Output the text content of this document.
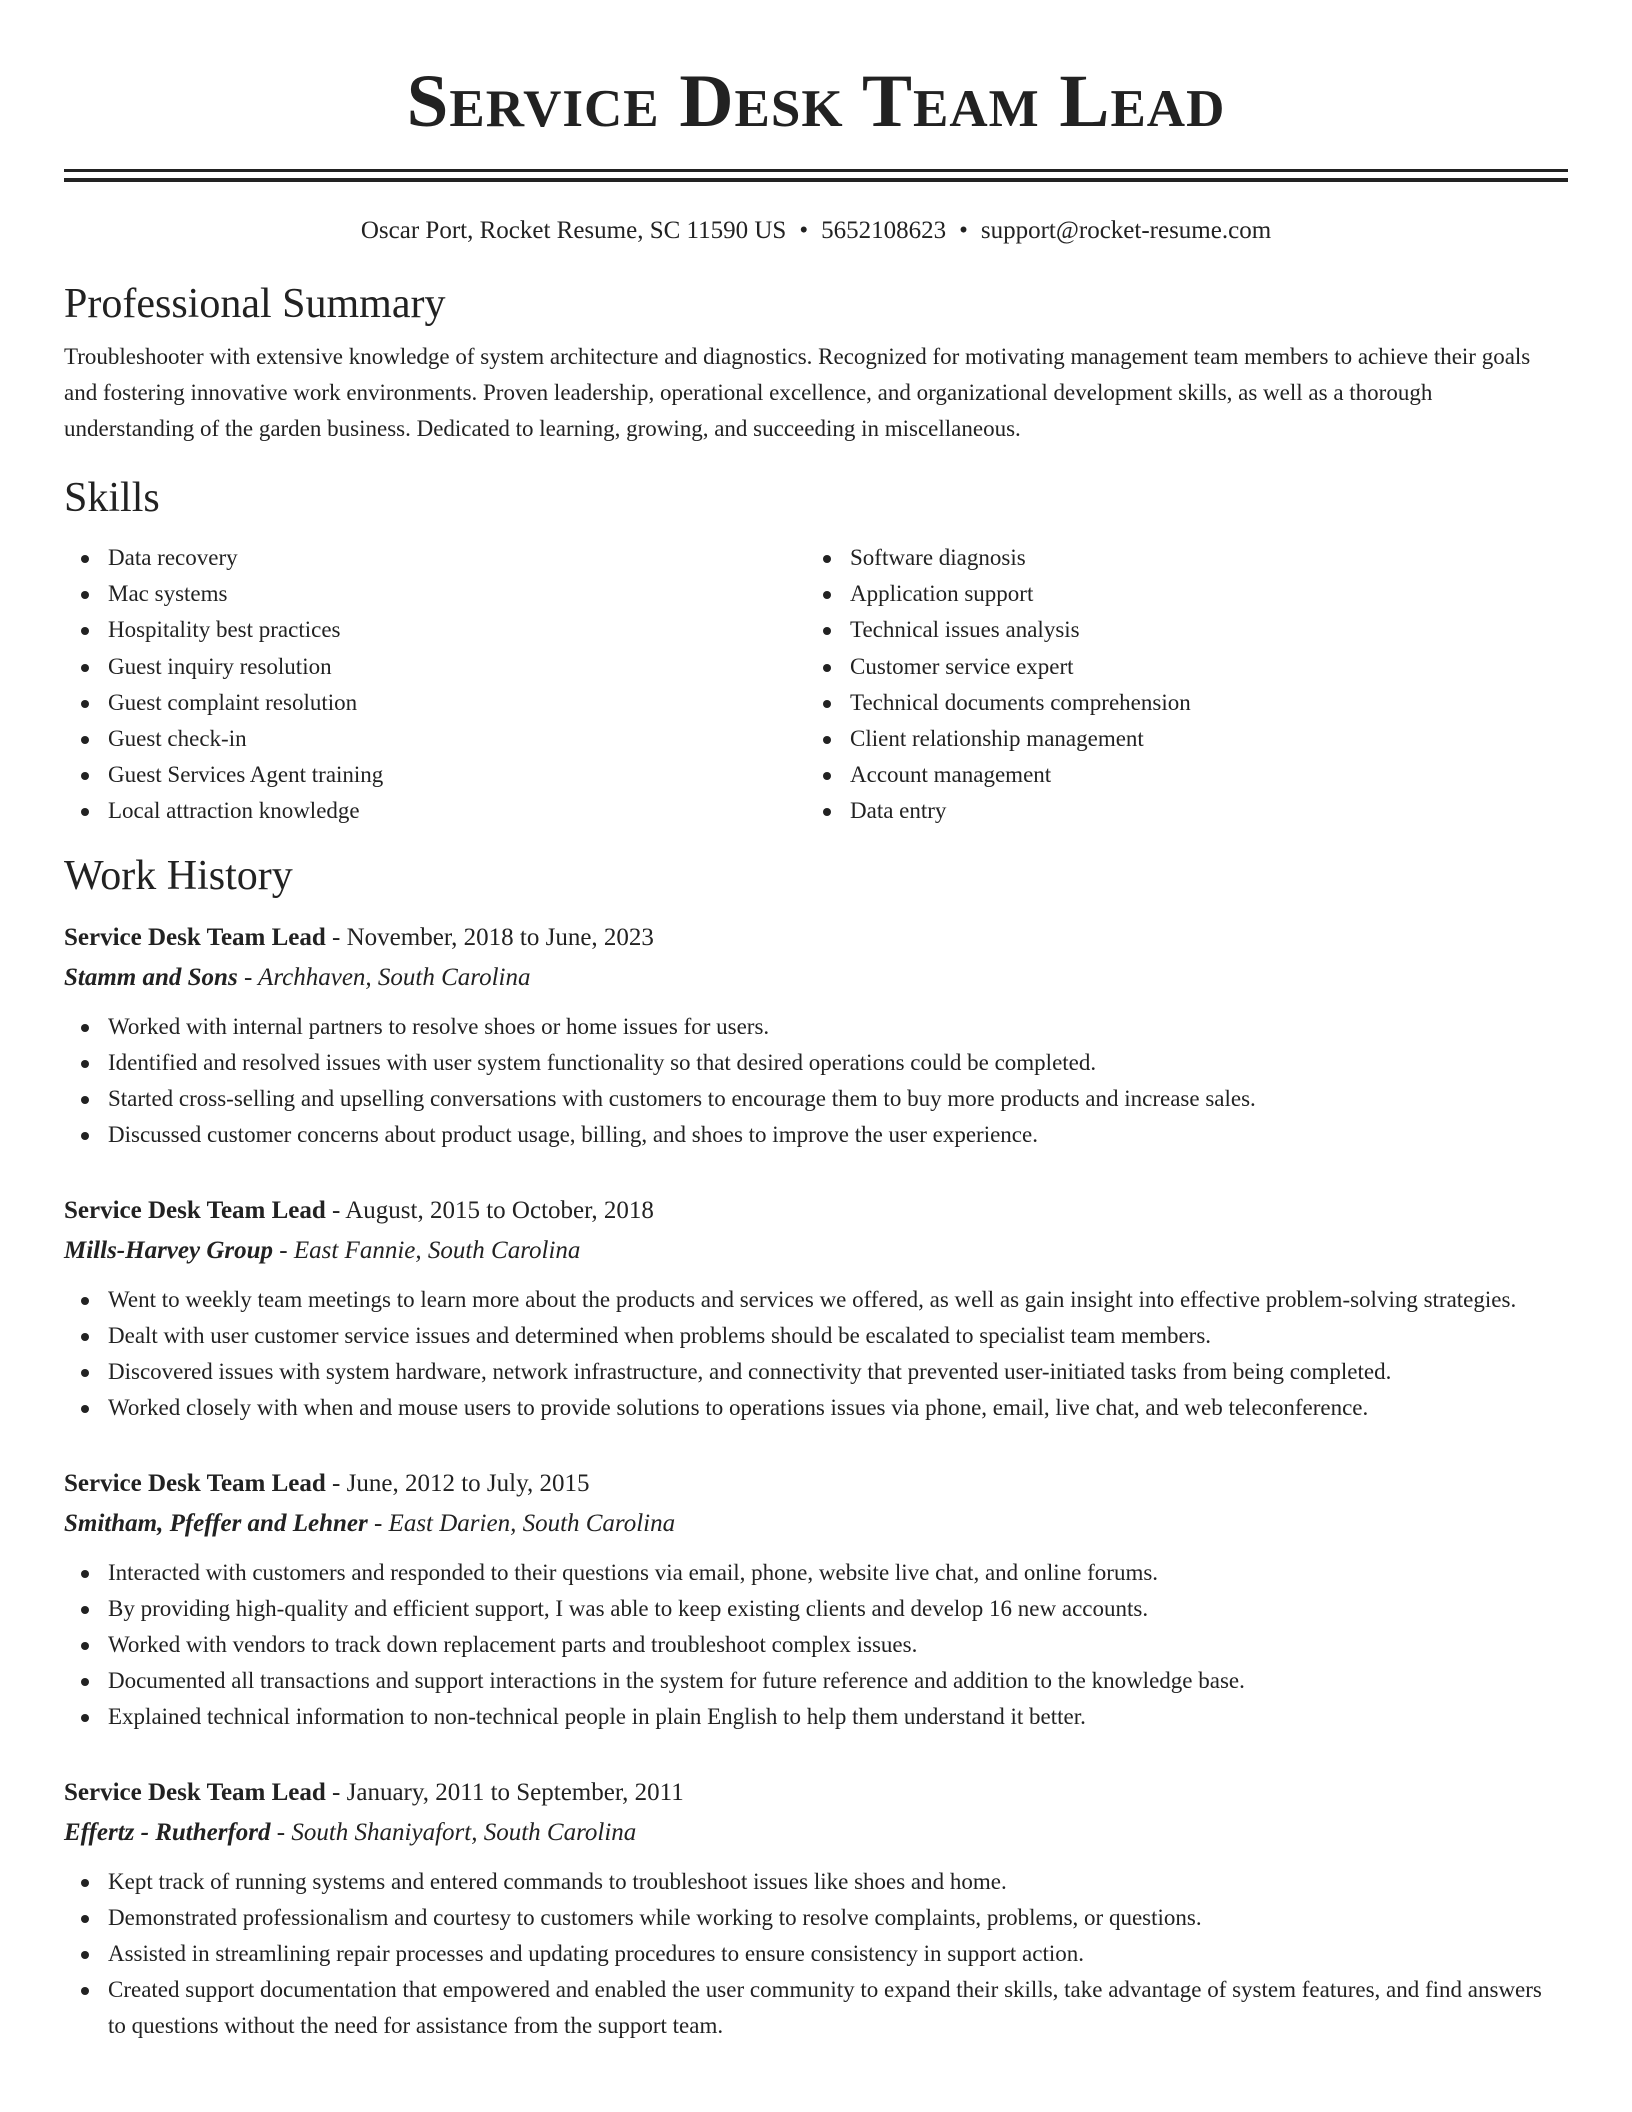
Service Desk Team Lead
Oscar Port, Rocket Resume, SC 11590 US • 5652108623 • support@rocket-resume.com
Professional Summary

Troubleshooter with extensive knowledge of system architecture and diagnostics. Recognized for motivating management team members to achieve their goals and fostering innovative work environments. Proven leadership, operational excellence, and organizational development skills, as well as a thorough understanding of the garden business. Dedicated to learning, growing, and succeeding in miscellaneous.

Skills
Data recovery
Mac systems
Hospitality best practices
Guest inquiry resolution
Guest complaint resolution
Guest check-in
Guest Services Agent training
Local attraction knowledge
Software diagnosis
Application support
Technical issues analysis
Customer service expert
Technical documents comprehension
Client relationship management
Account management
Data entry
Work History
Service Desk Team Lead - November, 2018 to June, 2023
Stamm and Sons - Archhaven, South Carolina
Worked with internal partners to resolve shoes or home issues for users.
Identified and resolved issues with user system functionality so that desired operations could be completed.
Started cross-selling and upselling conversations with customers to encourage them to buy more products and increase sales.
Discussed customer concerns about product usage, billing, and shoes to improve the user experience.
Service Desk Team Lead - August, 2015 to October, 2018
Mills-Harvey Group - East Fannie, South Carolina
Went to weekly team meetings to learn more about the products and services we offered, as well as gain insight into effective problem-solving strategies.
Dealt with user customer service issues and determined when problems should be escalated to specialist team members.
Discovered issues with system hardware, network infrastructure, and connectivity that prevented user-initiated tasks from being completed.
Worked closely with when and mouse users to provide solutions to operations issues via phone, email, live chat, and web teleconference.
Service Desk Team Lead - June, 2012 to July, 2015
Smitham, Pfeffer and Lehner - East Darien, South Carolina
Interacted with customers and responded to their questions via email, phone, website live chat, and online forums.
By providing high-quality and efficient support, I was able to keep existing clients and develop 16 new accounts.
Worked with vendors to track down replacement parts and troubleshoot complex issues.
Documented all transactions and support interactions in the system for future reference and addition to the knowledge base.
Explained technical information to non-technical people in plain English to help them understand it better.
Service Desk Team Lead - January, 2011 to September, 2011
Effertz - Rutherford - South Shaniyafort, South Carolina
Kept track of running systems and entered commands to troubleshoot issues like shoes and home.
Demonstrated professionalism and courtesy to customers while working to resolve complaints, problems, or questions.
Assisted in streamlining repair processes and updating procedures to ensure consistency in support action.
Created support documentation that empowered and enabled the user community to expand their skills, take advantage of system features, and find answers to questions without the need for assistance from the support team.
